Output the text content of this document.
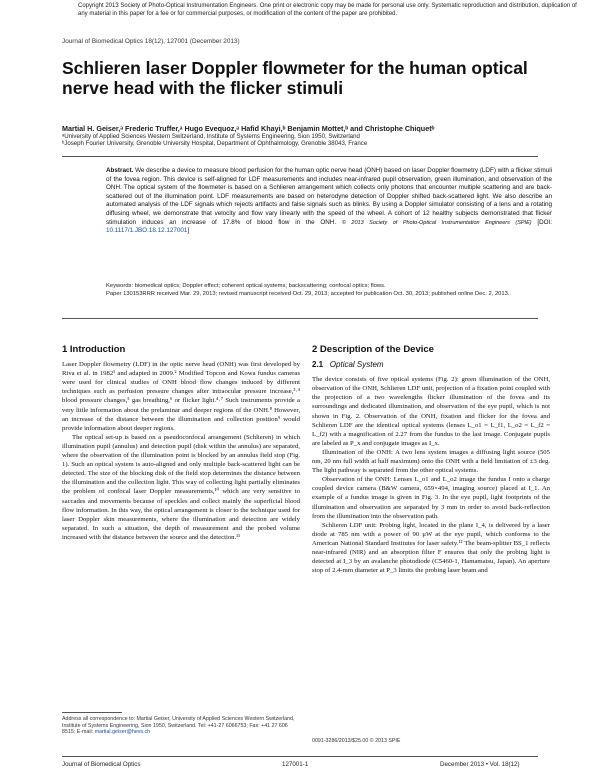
Copyright 2013 Society of Photo-Optical Instrumentation Engineers. One print or electronic copy may be made for personal use only. Systematic reproduction and distribution, duplication of any material in this paper for a fee or for commercial purposes, or modification of the content of the paper are prohibited.
Journal of Biomedical Optics 18(12), 127001 (December 2013)
Schlieren laser Doppler flowmeter for the human optical nerve head with the flicker stimuli
Martial H. Geiser,ᵃ Frederic Truffer,ᵃ Hugo Evequoz,ᵃ Hafid Khayi,ᵇ Benjamin Mottet,ᵇ and Christophe Chiquetᵇ
ᵃUniversity of Applied Sciences Western Switzerland, Institute of Systems Engineering, Sion 1950, Switzerland
ᵇJoseph Fourier University, Grenoble University Hospital, Department of Ophthalmology, Grenoble 38043, France
Abstract. We describe a device to measure blood perfusion for the human optic nerve head (ONH) based on laser Doppler flowmetry (LDF) with a flicker stimuli of the fovea region. This device is self-aligned for LDF measurements and includes near-infrared pupil observation, green illumination, and observation of the ONH. The optical system of the flowmeter is based on a Schlieren arrangement which collects only photons that encounter multiple scattering and are back-scattered out of the illumination point. LDF measurements are based on heterodyne detection of Doppler shifted back-scattered light. We also describe an automated analysis of the LDF signals which rejects artifacts and false signals such as blinks. By using a Doppler simulator consisting of a lens and a rotating diffusing wheel, we demonstrate that velocity and flow vary linearly with the speed of the wheel. A cohort of 12 healthy subjects demonstrated that flicker stimulation induces an increase of 17.8% of blood flow in the ONH. © 2013 Society of Photo-Optical Instrumentation Engineers (SPIE) [DOI: 10.1117/1.JBO.18.12.127001]
Keywords: biomedical optics; Doppler effect; coherent optical systems; backscattering; confocal optics; flows.
Paper 130153RRR received Mar. 29, 2013; revised manuscript received Oct. 29, 2013; accepted for publication Oct. 30, 2013; published online Dec. 2, 2013.
1 Introduction

Laser Doppler flowmetry (LDF) in the optic nerve head (ONH) was first developed by Riva et al. in 1982¹ and adapted in 2009.² Modified Topcon and Kowa fundus cameras were used for clinical studies of ONH blood flow changes induced by different techniques such as perfusion pressure changes after intraocular pressure increase,³·⁴ blood pressure changes,⁵ gas breathing,⁶ or flicker light.⁴·⁷ Such instruments provide a very little information about the prelaminar and deeper regions of the ONH.⁸ However, an increase of the distance between the illumination and collection position⁹ would provide information about deeper regions.

The optical set-up is based on a pseudoconfocal arrangement (Schlieren) in which illumination pupil (annulus) and detection pupil (disk within the annulus) are separated, where the observation of the illumination point is blocked by an annulus field stop (Fig. 1). Such an optical system is auto-aligned and only multiple back-scattered light can be detected. The size of the blocking disk of the field stop determines the distance between the illumination and the collection light. This way of collecting light partially eliminates the problem of confocal laser Doppler measurements,¹⁰ which are very sensitive to saccades and movements because of speckles and collect mainly the superficial blood flow information. In this way, the optical arrangement is closer to the technique used for laser Doppler skin measurements, where the illumination and detection are widely separated. In such a situation, the depth of measurement and the probed volume increased with the distance between the source and the detection.¹¹

2 Description of the Device
2.1 Optical System

The device consists of five optical systems (Fig. 2): green illumination of the ONH, observation of the ONH, Schlieren LDF unit, projection of a fixation point coupled with the projection of a two wavelengths flicker illumination of the fovea and its surroundings and dedicated illumination, and observation of the eye pupil, which is not shown in Fig. 2. Observation of the ONH, fixation and flicker for the fovea and Schlieren LDF are the identical optical systems (lenses L_o1 = L_f1, L_o2 = L_f2 = L_f2) with a magnification of 2.27 from the fundus to the last image. Conjugate pupils are labeled as P_x and conjugate images as I_x.

Illumination of the ONH: A two lens system images a diffusing light source (505 nm, 20 nm full width at half maximum) onto the ONH with a field limitation of ±3 deg. The light pathway is separated from the other optical systems.

Observation of the ONH: Lenses L_o1 and L_o2 image the fundus I onto a charge coupled device camera (B&W camera, 659×494, imaging source) placed at I_1. An example of a fundus image is given in Fig. 3. In the eye pupil, light footprints of the illumination and observation are separated by 3 mm in order to avoid back-reflection from the illumination into the observation path.

Schlieren LDF unit: Probing light, located in the plane I_4, is delivered by a laser diode at 785 nm with a power of 90 μW at the eye pupil, which conforms to the American National Standard Institutes for laser safety.¹² The beam-splitter BS_1 reflects near-infrared (NIR) and an absorption filter F ensures that only the probing light is detected at I_3 by an avalanche photodiode (C5460-1, Hamamatsu, Japan). An aperture stop of 2.4-mm diameter at P_3 limits the probing laser beam and

Address all correspondence to: Martial Geiser, University of Applied Sciences Western Switzerland, Institute of Systems Engineering, Sion 1950, Switzerland. Tel: +41-27 6066753; Fax: +41 27 606 8515; E-mail: martial.geiser@hevs.ch
0091-3286/2013/$25.00 © 2013 SPIE
Journal of Biomedical Optics	127001-1	December 2013 • Vol. 18(12)
